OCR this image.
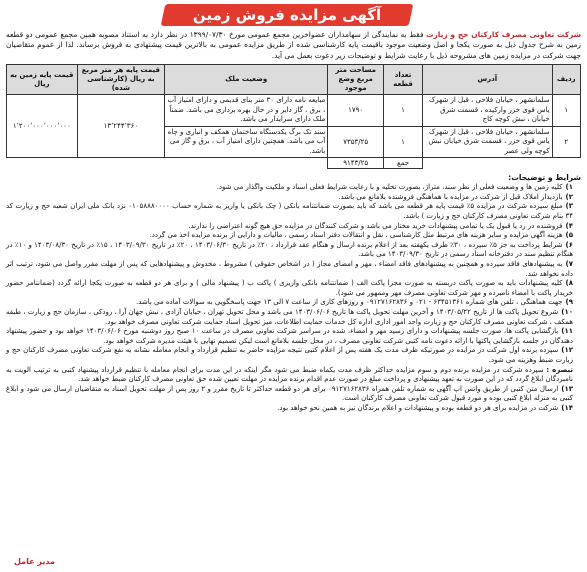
آگهی مزایده فروش زمین
شرکت تعاونی مصرف کارکنان حج و زیارت فقط به نمایندگی از سهامداران عضواخرین مجمع عمومی مورخ ۱۳۹۹/۰۷/۳۰ در نظر دارد به استناد مصوبه همین مجمع عمومی دو قطعه زمین به شرح جدول ذیل به صورت یکجا و اصل وضعیت موجود باقیمت پایه کارشناسی شده از طریق مزایده عمومی به بالاترین قیمت پیشنهادی به فروش برساند. لذا از عموم متقاضیان جهت شرکت در مزایده زمین های مشروحه ذیل با رعایت شرایط و توضیحات زیر دعوت بعمل می آید.
ردیف	آدرس	تعداد قطعه	مساحت متر مربع وضع موجود	وضعیت ملک	قیمت پایه هر متر مربع به ریال (کارشناسی شده)	قیمت پایه زمین به ریال
۱	سلمانشهر ، خیابان فلاحی ، قبل از شهرک یاس قوی خزر وارکیده ، قسمت شرق خیابان ، نبش کوچه کاج	۱	۱۷۹۰	مبایعه نامه دارای ۳۰ متر بنای قدیمی و دارای امتیاز آب ، برق ، گاز دایر و در حال بهره برداری می باشد. ضمناً ملک دارای سرایدار می باشد.	۱۳٬۲۴۴٬۳۶۰	۱٬۲۰۰٬۰۰۰٬۰۰۰٬۰۰۰
۲	سلمانشهر ، خیابان فلاحی ، قبل از شهرک یاس قوی خزر ، قسمت شرق خیابان نبش کوچه ولی عصر	۱	۷۳۵۳/۲۵	سند تک برگ یکدستگاه ساختمان همکف و انباری و چاه آب می باشد. همچنین دارای امتیاز آب ، برق و گاز می باشد.		
		جمع	۹۱۴۳/۲۵			
شرایط و توضیحات:
۱)کلیه زمین ها و وضعیت فعلی از نظر سند، متراژ، بصورت تخلیه و با رعایت شرایط فعلی اسناد و ملکیت واگذار می شود.
۲)بازدیدار املاک قبل از شرکت در مزایده با هماهنگی فروشنده بلامانع می باشد.
۳)مبلغ سپرده شرکت در مزایده ۵٪ قیمت پایه هر قطعه می باشد که باید بصورت ضمانتنامه بانکی ( چک بانکی یا واریز به شماره حساب ۰۱۰۵۸۸۸۰۰۰۰ نزد بانک ملی ایران شعبه حج و زیارت کد ۳۴ بنام شرکت تعاونی مصرف کارکنان حج و زیارت ) باشد.
۴)فروشنده در رد یا قبول یک یا تمامی پیشنهادات خرید مختار می باشد و شرکت کنندگان در مزایده حق هیچ گونه اعتراضی را ندارند.
۵)هزینه آگهی مزایده و سایر هزینه های مرتبط مثل کارشناسی ، نقل و انتقالات دفتر اسناد رسمی ، مالیات و دارایی از برنده مزایده اخذ می گردد.
۶)شرایط پرداخت به جز ۵٪ سپرده ، ۳۰٪ ظرف یکهفته بعد از اعلام برنده ارسال و هنگام عقد قرارداد ، ۲۰٪ در تاریخ ۱۴۰۳/۰۶/۳۰ ، ۲۰٪ در تاریخ ۱۴۰۳/۰۹/۳۰ ، ۱۵٪ در تاریخ ۱۴۰۳/۰۸/۳۰ و ۱۰٪ در هنگام تنظیم سند در دفترخانه اسناد رسمی در تاریخ ۱۴۰۳/۰۹/۳۰ می باشد.
۷)به پیشنهادهای فاقد سپرده و همچنین به پیشنهادهای فاقد امضاء ، مهر و امضای مجاز ( در اشخاص حقوقی ) مشروط ، مخدوش و پیشنهادهایی که پس از مهلت مقرر واصل می شود، ترتیب اثر داده نخواهد شد.
۸)کلیه پیشنهادات باید به صورت پاکت دربسته به صورت مجزا پاکت الف ( ضمانتنامه بانکی واریزی ) پاکت ب ( پیشنهاد مالی ) و برای هر دو قطعه به صورت یکجا ارائه گردد (ضمانتامر حضور خریدار پاکت با امضاء نامبرده و مهر شرکت تعاونی مصرف مهر وممهور می شود).
۹)جهت هماهنگی ، تلفن های شماره ۶۳۴۵۱۳۶۱ - ۰۲۱ و ۰۹۱۲۷۱۶۲۸۳۶ و روزهای کاری از ساعت ۷ الی ۱۳ جهت پاسخگویی به سوالات آماده می باشد.
۱۰)شروع تحویل پاکت ها از تاریخ ۱۴۰۳/۰۵/۲۲ و آخرین مهلت تحویل پاکت ها تاریخ ۱۴۰۳/۰۶/۰۶ می باشد و محل تحویل تهران ، خیابان آزادی ، نبش جهان آرا ، رودکی ، سازمان حج و زیارت ، طبقه همکف ، شرکت تعاونی مصرف کارکنان حج و زیارت واحد امور اداری اداره کل خدمات حمایت اطلاعات، میز تحویل اسناد حمایت شرکت تعاونی مصرف خواهد بود.
۱۱)بازگشایی پاکت ها، صورت جلسه پیشنهادات و دارای رسید مهر و امضاء، شده در سراسر شرکت تعاونی مصرف در ساعت ۱۰ صبح روز دوشنبه مورخ ۱۴۰۳/۰۶/۰۶ خواهد بود و حضور پیشنهاد دهندگان در جلسه بازگشایی پاکتها با ارائه دعوت نامه کتبی شرکت تعاونی مصرف ، در محل جلسه بلامانع است لیکن تصمیم نهایی با هیئت مدیره شرکت خواهد بود.
۱۲)سپرده برنده اول شرکت در مزایده در صورتیکه ظرف مدت یک هفته پس از اعلام کتبی نتیجه مزایده حاضر به تنظیم قرارداد و انجام معامله نشانه به نفع شرکت تعاونی مصرف کارکنان حج و زیارت ضبط وهزینه می شود.
تبصره : سپرده شرکت در مزایده برنده دوم و سوم مزایده حداکثر ظرف مدت یکماه ضبط می شود مگر اینکه در این مدت برای انجام معامله با تنظیم قرارداد پیشنهاد کتبی به ترتیب الویت به نامبردگان ابلاغ گردد که در این صورت به تعهد پیشنهادی و پرداخت مبلغ در صورت عدم اقدام برنده مزایده در مهلت تعیین شده حق تعاونی مصرف کارکنان ضبط خواهد شد.
۱۳)ارسال متن کتبی از طریق واتس اپ آگهی به شماره تلفن همراه ۰۹۱۲۷۱۶۲۸۳۶ برای هر دو قطعه حداکثر تا تاریخ مقرر و ۲ روز پس از مهلت تحویل اسناد به متقاضیان ارسال می شود و ابلاغ کتبی به منزله ابلاغ کتبی بوده و مورد قبول شرکت تعاونی مصرف کارکنان است.
۱۴)شرکت در مزایده برای هر دو قطعه بوده و پیشنهادات و اعلام برندگان نیز به همین نحو خواهد بود.
مدیر عامل
